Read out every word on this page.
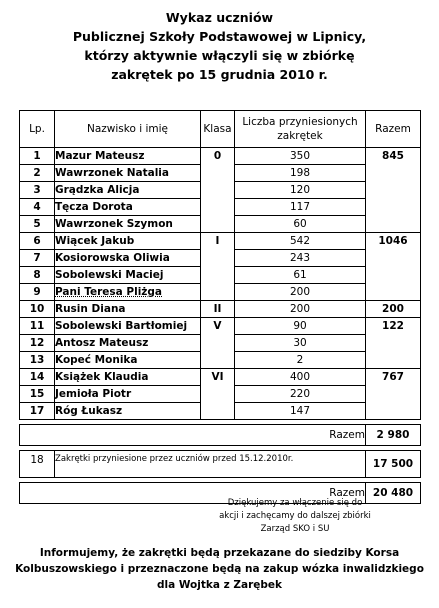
Wykaz uczniów
Publicznej Szkoły Podstawowej w Lipnicy,
którzy aktywnie włączyli się w zbiórkę
zakrętek po 15 grudnia 2010 r.
Lp.	Nazwisko i imię	Klasa	Liczba przyniesionych zakrętek	Razem
1	Mazur Mateusz	0	350	845
2	Wawrzonek Natalia		198	
3	Grądzka Alicja		120	
4	Tęcza Dorota		117	
5	Wawrzonek Szymon		60	
6	Wiącek Jakub	I	542	1046
7	Kosiorowska Oliwia		243	
8	Sobolewski Maciej		61	
9	Pani Teresa Pliżga		200	
10	Rusin Diana	II	200	200
11	Sobolewski Bartłomiej	V	90	122
12	Antosz Mateusz		30	
13	Kopeć Monika		2	
14	Książek Klaudia	VI	400	767
15	Jemioła Piotr		220	
17	Róg Łukasz		147	

Razem				2 980

18	Zakrętki przyniesione przez uczniów przed 15.12.2010r.			17 500

Razem				20 480
Dziękujemy za włączenie się do
akcji i zachęcamy do dalszej zbiórki
Zarząd SKO i SU
Informujemy, że zakrętki będą przekazane do siedziby Korsa
Kolbuszowskiego i przeznaczone będą na zakup wózka inwalidzkiego
dla Wojtka z Zarębek
